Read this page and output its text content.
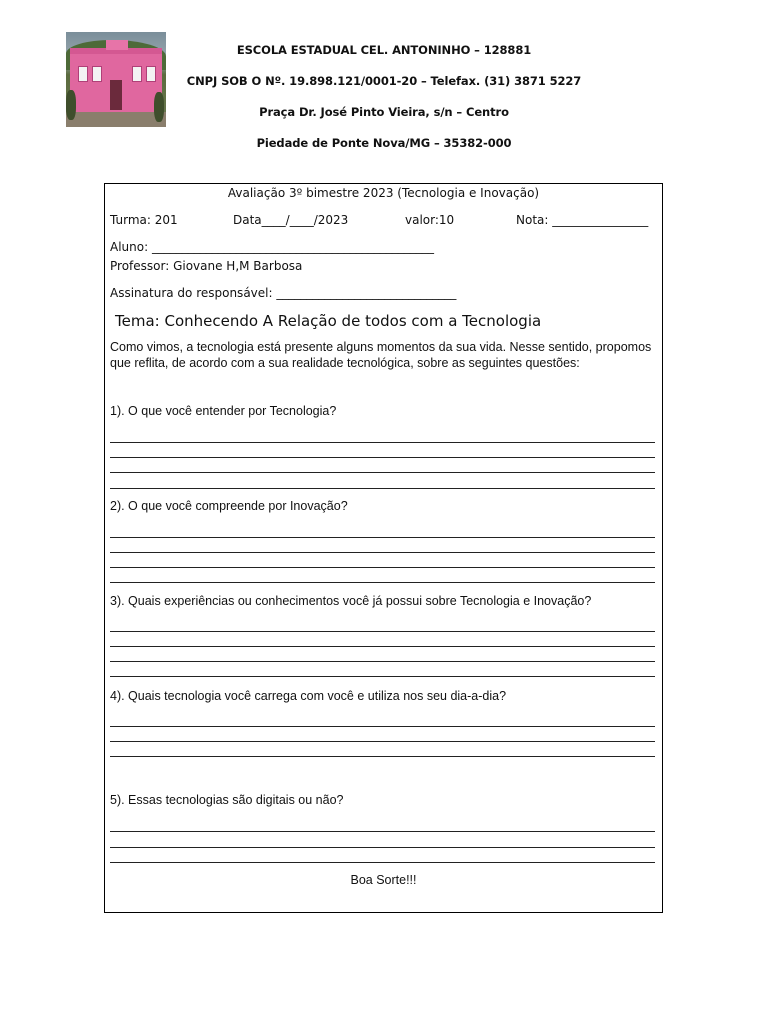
ESCOLA ESTADUAL CEL. ANTONINHO – 128881
CNPJ SOB O Nº. 19.898.121/0001-20 – Telefax. (31) 3871 5227
Praça Dr. José Pinto Vieira, s/n – Centro
Piedade de Ponte Nova/MG – 35382-000
Avaliação 3º bimestre 2023 (Tecnologia e Inovação)
Turma: 201	Data____/____/2023	valor:10	Nota: ________________
Aluno: _______________________________________________
Professor: Giovane H,M Barbosa
Assinatura do responsável: ______________________________
Tema: Conhecendo A Relação de todos com a Tecnologia
Como vimos, a tecnologia está presente alguns momentos da sua vida. Nesse sentido, propomos que reflita, de acordo com a sua realidade tecnológica, sobre as seguintes questões:
1). O que você entender por Tecnologia?
2). O que você compreende por Inovação?
3). Quais experiências ou conhecimentos você já possui sobre Tecnologia e Inovação?
4). Quais tecnologia você carrega com você e utiliza nos seu dia-a-dia?
5). Essas tecnologias são digitais ou não?
Boa Sorte!!!
